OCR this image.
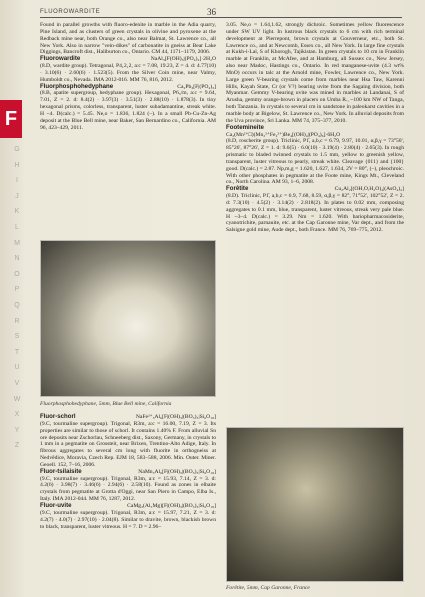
FLUOROWARDITE	36
F
G
H
I
J
K
L
M
N
O
P
Q
R
S
T
U
V
W
X
Y
Z

Found in parallel growths with fluoro-edenite in marble in the Adia quarry, Pine Island, and as clusters of green crystals in olivine and pyroxene at the Redback mine near, both Orange co., also near Balmat, St. Lawrence co., all New York. Also in narrow "vein-dikes" of carbonatite in gneiss at Bear Lake Diggings, Bancroft dist., Haliburton co., Ontario. CM 44, 1171–1179, 2006.

Fluorowardite	NaAl₃[F(OH)₃|(PO₄)₂]·2H₂O

(8.D, wardite group). Tetragonal, P4₁2₁2, a:c = 7.08, 19.23, Z = 4. d: 4.77(10) · 3.10(6) · 2.60(6) · 1.523(5). From the Silver Coin mine, near Valmy, Humboldt co., Nevada. IMA 2012-016. MM 76, 816, 2012.

Fluorphosphohedyphane	Ca₂Pb₃[F|(PO₄)₃]

(8.B, apatite supergroup, hedyphane group). Hexagonal, P6₃/m, a:c = 9.64, 7.01, Z = 2. d: 8.4(2) · 3.97(3) · 3.51(3) · 2.88(10) · 1.878(3). In tiny hexagonal prisms, colorless, transparent, luster subadamantine, streak white. H ~4. D(calc.) = 5.45. Ne,o = 1.836, 1.824 (–). In a small Pb-Cu-Zn-Ag deposit at the Blue Bell mine, near Baker, San Bernardino co., California. AM 96, 423–429, 2011.

Fluorphosphohedyphane, 5mm, Blue Bell mine, California
Fluor-schorl	NaFe²⁺₃Al₆[F|(OH)₃|(BO₃)₃|Si₆O₁₈]

(9.C, tourmaline supergroup). Trigonal, R3m, a:c = 16.00, 7.19, Z = 3. Its properties are similar to those of schorl. It contains 1.40% F. From alluvial Sn ore deposits near Zschorlau, Schneeberg dist., Saxony, Germany, in crystals to 1 mm in a pegmatite on Grossteit, near Brixen, Trentino-Alto Adige, Italy. In fibrous aggregates to several cm long with fluorite in orthogneiss at Nedvědice, Moravia, Czech Rep. EJM 18, 583–588, 2006. Min. Outer. Miner. Geoell. 152, 7–16, 2006.

Fluor-tsilaisite	NaMn₃Al₆[F|(OH)₃|(BO₃)₃|Si₆O₁₈]

(9.C, tourmaline supergroup). Trigonal, R3m, a:c = 15.93, 7.14, Z = 3. d: 4.2(6) · 3.98(7) · 3.46(6) · 2.94(6) · 2.58(10). Found as zones in elbaite crystals from pegmatite at Grotta d'Oggi, near San Piero in Campo, Elba Is., Italy. IMA 2012-044. MM 76, 1287, 2012.

Fluor-uvite	CaMg₃(Al₅Mg)[F|(OH)₃|(BO₃)₃|Si₆O₁₈]

(9.C, tourmaline supergroup). Trigonal, R3m, a:c = 15.97, 7.21, Z = 3. d: 4.2(7) · 4.0(7) · 2.97(10) · 2.04(8). Similar to dravite, brown, blackish brown to black, transparent, luster vitreous. H = 7. D = 2.96–

3.05. Ne,o = 1.64,1.62, strongly dichroic. Sometimes yellow fluorescence under SW UV light. In lustrous black crystals to 6 cm with rich terminal development at Pierrepont, brown crystals at Gouverneur, etc., both St. Lawrence co., and at Newcomb, Essex co., all New York. In large fine crystals at Kukh-i-Lal, S of Khorogh, Tajikistan. In green crystals to 10 cm in Franklin marble at Franklin, at McAfee, and at Hamburg, all Sussex co., New Jersey, also near Madoc, Hastings co., Ontario. In red manganese-uvite (4.3 wt% MnO) occurs in talc at the Arnold mine, Fowler, Lawrence co., New York. Large green V-bearing crystals come from marbles near Hsa Taw, Karenni Hills, Kayah State, Cr (or V?) bearing uvite from the Sagaing division, both Myanmar. Gemmy V-bearing uvite was mined in marbles at Landanai, S of Arusha, gemmy orange-brown in placers on Umba R., ~100 km NW of Tanga, both Tanzania. In crystals to several cm in sandstone in paleokarst cavities in a marble body at Bigelow, St. Lawrence co., New York. In alluvial deposits from the Uva province, Sri Lanka. MM 74, 375–377, 2010.

Footemineite

Ca₂(Mn²⁺□)(Mn₂²⁺Fe₂²⁺)Be₄[(OH)₄|(PO₄)₆]·6H₂O

(8.D, roscherite group). Triclinic, P1̄, a,b,c = 6.79, 9.97, 10.01, α,β,γ = 73°50', 85°26', 87°26', Z = 1. d: 9.6(5) · 6.0(10) · 3.19(4) · 2.80(4) · 2.65(3). In rough prismatic to bladed twinned crystals to 1.5 mm, yellow to greenish yellow, transparent, luster vitreous to pearly, streak white. Cleavage {011} and {100} good. D(calc.) = 2.87. Np,m,g = 1.620, 1.627, 1.634, 2V = 80°, (–), pleochroic. With other phosphates in pegmatite at the Foote mine, Kings Mt., Cleveland co., North Carolina. AM 93, 1–6, 2008.

Forêtite	Cu₂Al₂[(OH,O,H₂O)₄|(AsO₄)₂]

(8.D). Triclinic, P1̄, a,b,c = 6.9, 7.68, 8.59, α,β,γ = 82°, 71°52', 102°52', Z = 2. d: 7.3(10) · 4.5(2) · 3.14(2) · 2.818(2). In plates to 0.02 mm, composing aggregates to 0.1 mm, blue, transparent, luster vitreous, streak very pale blue. H ~3–4. D(calc.) = 3.29. Nm = 1.620. With bariopharmacosiderite, cyanotrichite, parnauite, etc. at the Cap Garonne mine, Var dept., and from the Salsigne gold mine, Aude dept., both France. MM 76, 769–775, 2012.

Forêtite, 5mm, Cap Garonne, France
